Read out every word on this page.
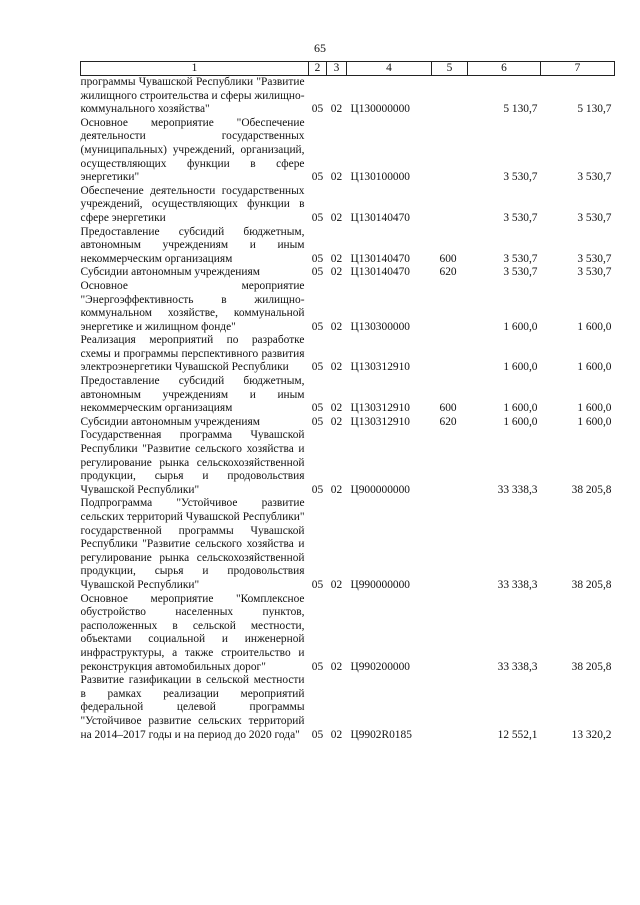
65
1	2	3	4	5	6	7
программы Чувашской Республики "Развитие жилищного строительства и сферы жилищно-коммунального хозяйства"	05	02	Ц130000000		5 130,7	5 130,7
Основное мероприятие "Обеспечение деятельности государственных (муниципальных) учреждений, организаций, осуществляющих функции в сфере энергетики"	05	02	Ц130100000		3 530,7	3 530,7
Обеспечение деятельности государственных учреждений, осуществляющих функции в сфере энергетики	05	02	Ц130140470		3 530,7	3 530,7
Предоставление субсидий бюджетным, автономным учреждениям и иным некоммерческим организациям	05	02	Ц130140470	600	3 530,7	3 530,7
Субсидии автономным учреждениям	05	02	Ц130140470	620	3 530,7	3 530,7
Основное мероприятие "Энергоэффективность в жилищно-коммунальном хозяйстве, коммунальной энергетике и жилищном фонде"	05	02	Ц130300000		1 600,0	1 600,0
Реализация мероприятий по разработке схемы и программы перспективного развития электроэнергетики Чувашской Республики	05	02	Ц130312910		1 600,0	1 600,0
Предоставление субсидий бюджетным, автономным учреждениям и иным некоммерческим организациям	05	02	Ц130312910	600	1 600,0	1 600,0
Субсидии автономным учреждениям	05	02	Ц130312910	620	1 600,0	1 600,0
Государственная программа Чувашской Республики "Развитие сельского хозяйства и регулирование рынка сельскохозяйственной продукции, сырья и продовольствия Чувашской Республики"	05	02	Ц900000000		33 338,3	38 205,8
Подпрограмма "Устойчивое развитие сельских территорий Чувашской Республики" государственной программы Чувашской Республики "Развитие сельского хозяйства и регулирование рынка сельскохозяйственной продукции, сырья и продовольствия Чувашской Республики"	05	02	Ц990000000		33 338,3	38 205,8
Основное мероприятие "Комплексное обустройство населенных пунктов, расположенных в сельской местности, объектами социальной и инженерной инфраструктуры, а также строительство и реконструкция автомобильных дорог"	05	02	Ц990200000		33 338,3	38 205,8
Развитие газификации в сельской местности в рамках реализации мероприятий федеральной целевой программы "Устойчивое развитие сельских территорий на 2014–2017 годы и на период до 2020 года"	05	02	Ц9902R0185		12 552,1	13 320,2
